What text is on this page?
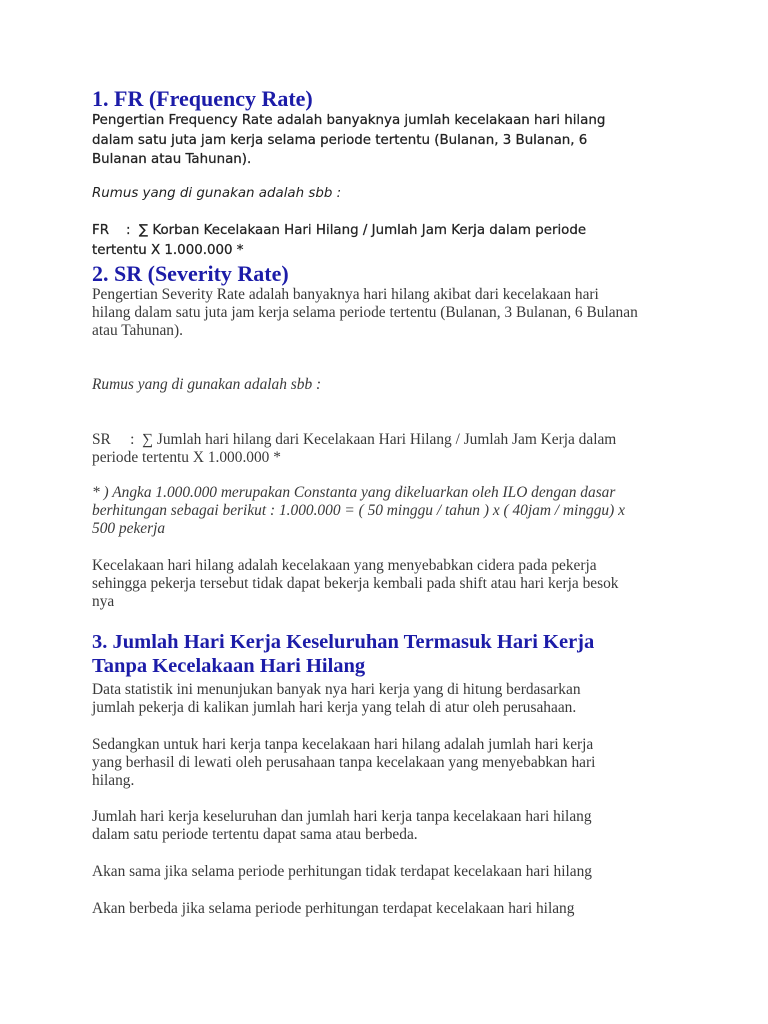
1. FR (Frequency Rate)
Pengertian Frequency Rate adalah banyaknya jumlah kecelakaan hari hilang
dalam satu juta jam kerja selama periode tertentu (Bulanan, 3 Bulanan, 6
Bulanan atau Tahunan).
Rumus yang di gunakan adalah sbb :
FR    :  ∑ Korban Kecelakaan Hari Hilang / Jumlah Jam Kerja dalam periode
tertentu X 1.000.000 *
2. SR (Severity Rate)
Pengertian Severity Rate adalah banyaknya hari hilang akibat dari kecelakaan hari
hilang dalam satu juta jam kerja selama periode tertentu (Bulanan, 3 Bulanan, 6 Bulanan
atau Tahunan).
Rumus yang di gunakan adalah sbb :
SR     :  ∑ Jumlah hari hilang dari Kecelakaan Hari Hilang / Jumlah Jam Kerja dalam
periode tertentu X 1.000.000 *
* ) Angka 1.000.000 merupakan Constanta yang dikeluarkan oleh ILO dengan dasar
berhitungan sebagai berikut : 1.000.000 = ( 50 minggu / tahun ) x ( 40jam / minggu) x
500 pekerja
Kecelakaan hari hilang adalah kecelakaan yang menyebabkan cidera pada pekerja
sehingga pekerja tersebut tidak dapat bekerja kembali pada shift atau hari kerja besok
nya
3. Jumlah Hari Kerja Keseluruhan Termasuk Hari Kerja
Tanpa Kecelakaan Hari Hilang
Data statistik ini menunjukan banyak nya hari kerja yang di hitung berdasarkan
jumlah pekerja di kalikan jumlah hari kerja yang telah di atur oleh perusahaan.
Sedangkan untuk hari kerja tanpa kecelakaan hari hilang adalah jumlah hari kerja
yang berhasil di lewati oleh perusahaan tanpa kecelakaan yang menyebabkan hari
hilang.
Jumlah hari kerja keseluruhan dan jumlah hari kerja tanpa kecelakaan hari hilang
dalam satu periode tertentu dapat sama atau berbeda.
Akan sama jika selama periode perhitungan tidak terdapat kecelakaan hari hilang
Akan berbeda jika selama periode perhitungan terdapat kecelakaan hari hilang
